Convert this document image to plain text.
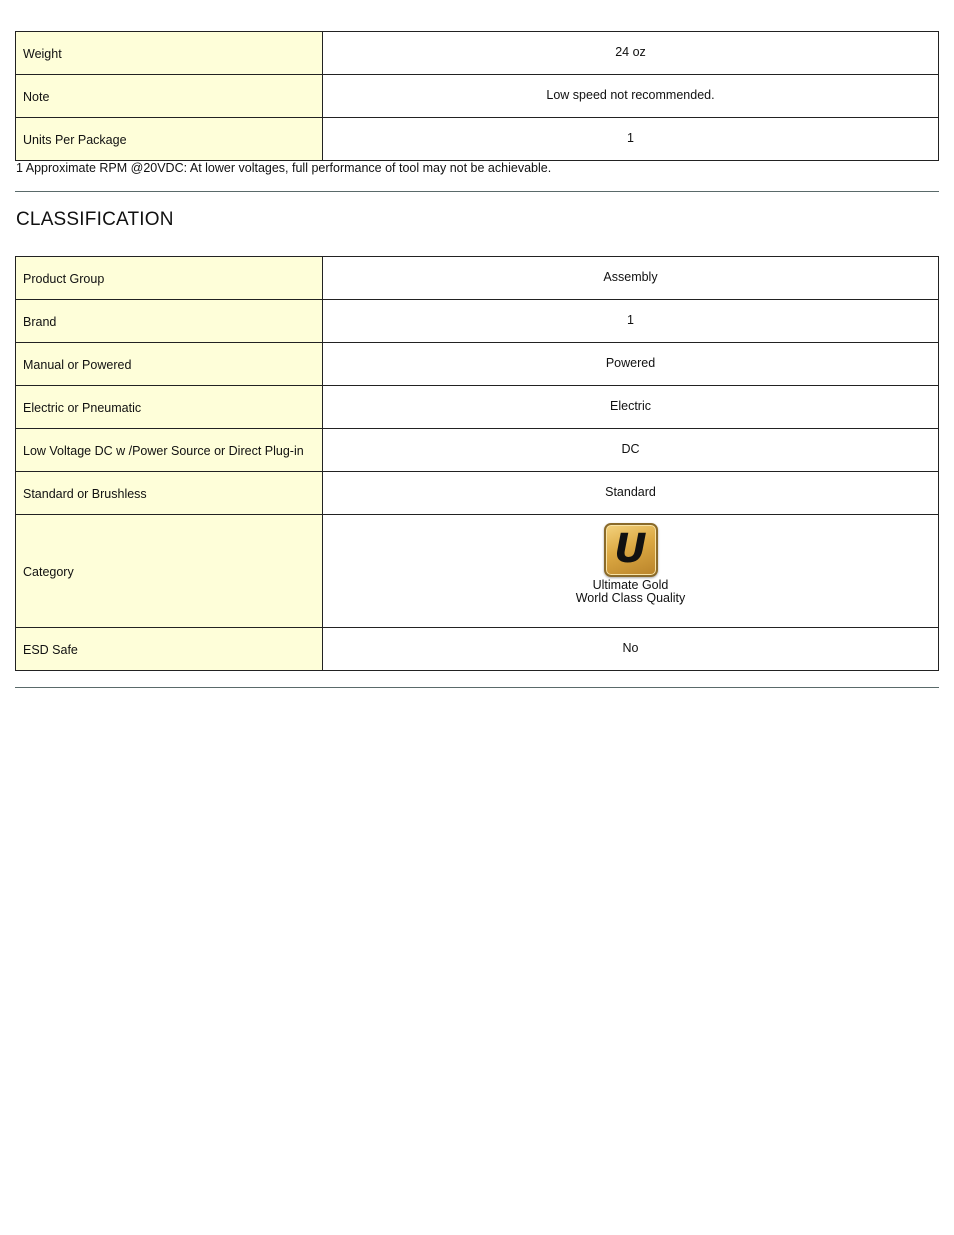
Weight	24 oz
Note	Low speed not recommended.
Units Per Package	1
1 Approximate RPM @20VDC: At lower voltages, full performance of tool may not be achievable.
CLASSIFICATION
Product Group	Assembly
Brand	1
Manual or Powered	Powered
Electric or Pneumatic	Electric
Low Voltage DC w /Power Source or Direct Plug-in	DC
Standard or Brushless	Standard
Category	U
Ultimate Gold
World Class Quality

ESD Safe	No
